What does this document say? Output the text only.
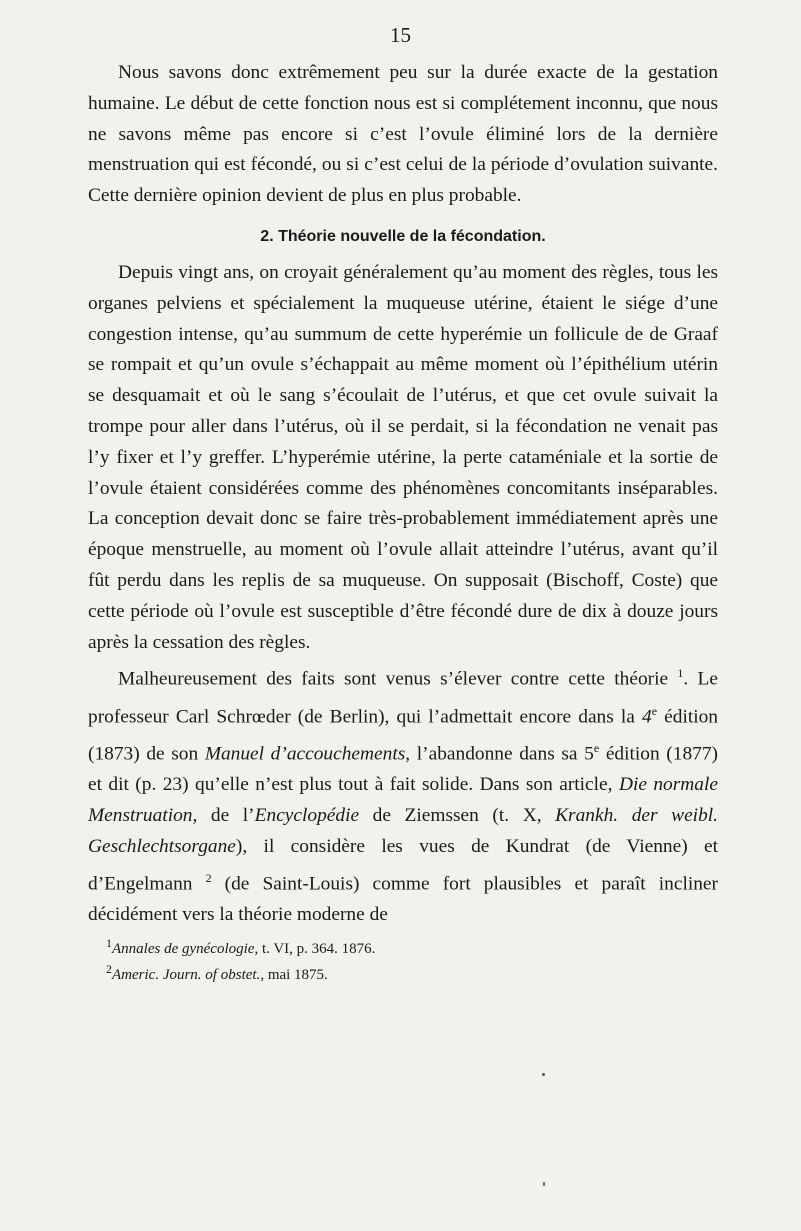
15

Nous savons donc extrêmement peu sur la durée exacte de la gestation humaine. Le début de cette fonction nous est si complétement inconnu, que nous ne savons même pas encore si c’est l’ovule éliminé lors de la dernière menstruation qui est fécondé, ou si c’est celui de la période d’ovulation suivante. Cette dernière opinion devient de plus en plus probable.

2. Théorie nouvelle de la fécondation.

Depuis vingt ans, on croyait généralement qu’au moment des règles, tous les organes pelviens et spécialement la muqueuse utérine, étaient le siége d’une congestion intense, qu’au summum de cette hyperémie un follicule de de Graaf se rompait et qu’un ovule s’échappait au même moment où l’épithélium utérin se desquamait et où le sang s’écoulait de l’utérus, et que cet ovule suivait la trompe pour aller dans l’utérus, où il se perdait, si la fécondation ne venait pas l’y fixer et l’y greffer. L’hyperémie utérine, la perte cataméniale et la sortie de l’ovule étaient considérées comme des phénomènes concomitants inséparables. La conception devait donc se faire très-probablement immédiatement après une époque menstruelle, au moment où l’ovule allait atteindre l’utérus, avant qu’il fût perdu dans les replis de sa muqueuse. On supposait (Bischoff, Coste) que cette période où l’ovule est susceptible d’être fécondé dure de dix à douze jours après la cessation des règles.

Malheureusement des faits sont venus s’élever contre cette théorie $^1$. Le professeur Carl Schrœder (de Berlin), qui l’admettait encore dans la 4e édition (1873) de son Manuel d’accouchements, l’abandonne dans sa 5e édition (1877) et dit (p. 23) qu’elle n’est plus tout à fait solide. Dans son article, Die normale Menstruation, de l’Encyclopédie de Ziemssen (t. X, Krankh. der weibl. Geschlechtsorgane), il considère les vues de Kundrat (de Vienne) et d’Engelmann $^2$ (de Saint-Louis) comme fort plausibles et paraît incliner décidément vers la théorie moderne de

$^1$Annales de gynécologie, t. VI, p. 364. 1876.

$^2$Americ. Journ. of obstet., mai 1875.
